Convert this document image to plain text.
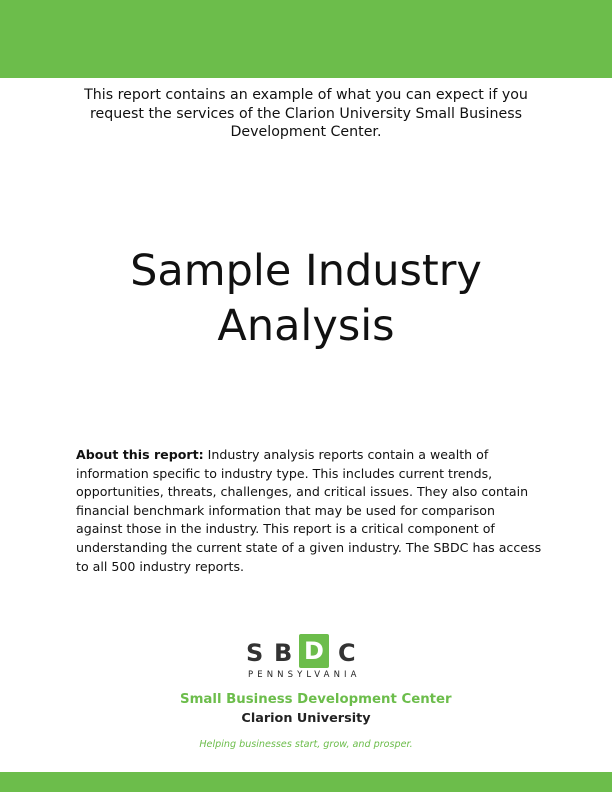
This report contains an example of what you can expect if you request the services of the Clarion University Small Business Development Center.
Sample Industry
Analysis
About this report: Industry analysis reports contain a wealth of information specific to industry type. This includes current trends, opportunities, threats, challenges, and critical issues. They also contain financial benchmark information that may be used for comparison against those in the industry. This report is a critical component of understanding the current state of a given industry. The SBDC has access to all 500 industry reports.
S B D C
PENNSYLVANIA
Small Business Development Center
Clarion University
Helping businesses start, grow, and prosper.
